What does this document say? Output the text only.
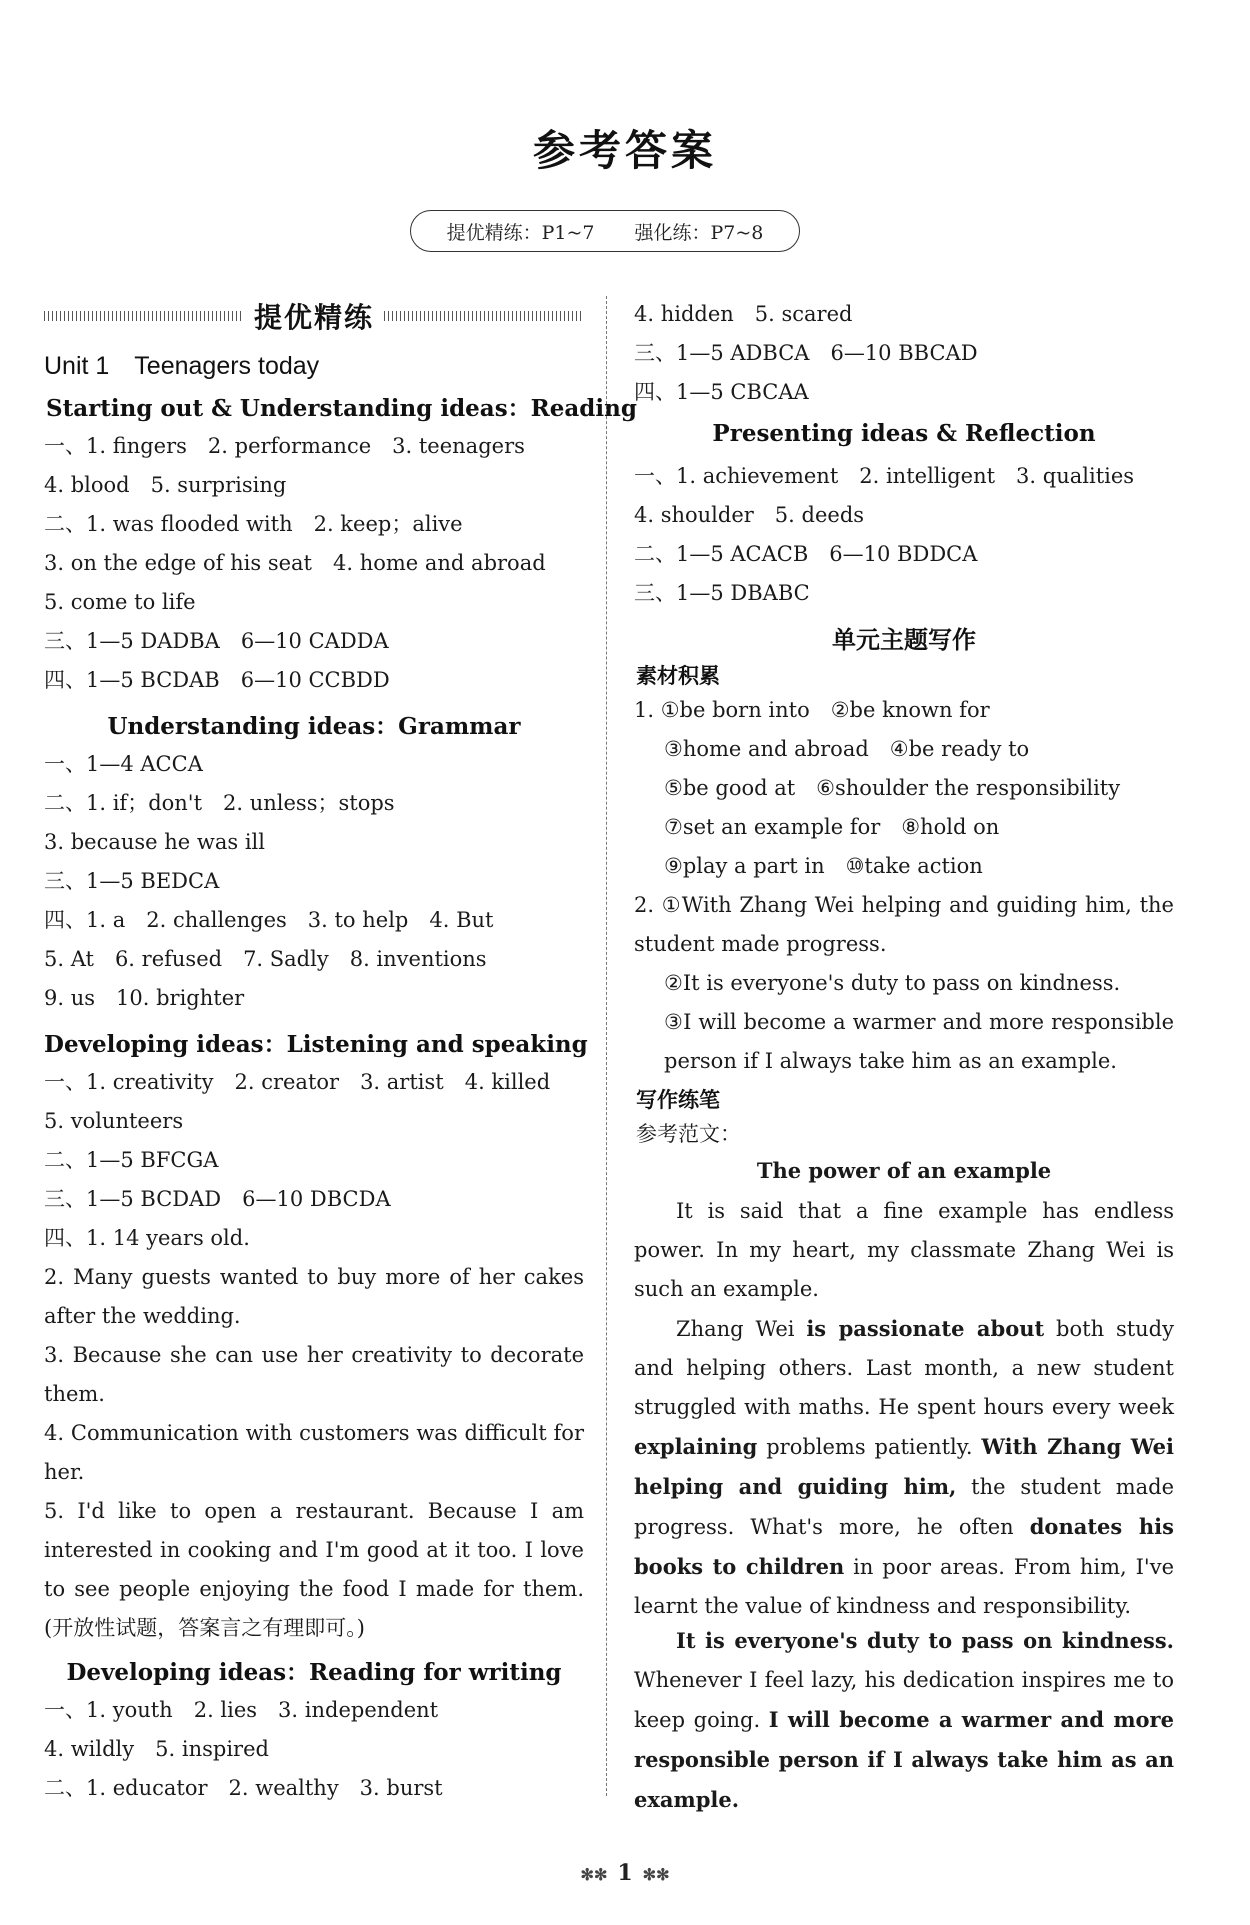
参考答案
提优精练：P1~7 强化练：P7~8
提优精练
Unit 1　Teenagers today
Starting out & Understanding ideas：Reading
一、1. fingers　2. performance　3. teenagers
4. blood　5. surprising
二、1. was flooded with　2. keep；alive
3. on the edge of his seat　4. home and abroad
5. come to life
三、1—5 DADBA　6—10 CADDA
四、1—5 BCDAB　6—10 CCBDD
Understanding ideas：Grammar
一、1—4 ACCA
二、1. if；don't　2. unless；stops
3. because he was ill
三、1—5 BEDCA
四、1. a　2. challenges　3. to help　4. But
5. At　6. refused　7. Sadly　8. inventions
9. us　10. brighter
Developing ideas：Listening and speaking
一、1. creativity　2. creator　3. artist　4. killed
5. volunteers
二、1—5 BFCGA
三、1—5 BCDAD　6—10 DBCDA
四、1. 14 years old.
2. Many guests wanted to buy more of her cakes after the wedding.
3. Because she can use her creativity to decorate them.
4. Communication with customers was difficult for her.
5. I'd like to open a restaurant. Because I am interested in cooking and I'm good at it too. I love to see people enjoying the food I made for them.(开放性试题，答案言之有理即可。)
Developing ideas：Reading for writing
一、1. youth　2. lies　3. independent
4. wildly　5. inspired
二、1. educator　2. wealthy　3. burst
4. hidden　5. scared
三、1—5 ADBCA　6—10 BBCAD
四、1—5 CBCAA
Presenting ideas & Reflection
一、1. achievement　2. intelligent　3. qualities
4. shoulder　5. deeds
二、1—5 ACACB　6—10 BDDCA
三、1—5 DBABC
单元主题写作
素材积累
1. ①be born into　②be known for
③home and abroad　④be ready to
⑤be good at　⑥shoulder the responsibility
⑦set an example for　⑧hold on
⑨play a part in　⑩take action
2. ①With Zhang Wei helping and guiding him, the student made progress.
②It is everyone's duty to pass on kindness.
③I will become a warmer and more responsible person if I always take him as an example.
写作练笔
参考范文：
The power of an example
It is said that a fine example has endless power. In my heart, my classmate Zhang Wei is such an example.
Zhang Wei is passionate about both study and helping others. Last month, a new student struggled with maths. He spent hours every week explaining problems patiently. With Zhang Wei helping and guiding him, the student made progress. What's more, he often donates his books to children in poor areas. From him, I've learnt the value of kindness and responsibility.
It is everyone's duty to pass on kindness. Whenever I feel lazy, his dedication inspires me to keep going. I will become a warmer and more responsible person if I always take him as an example.
✻✻ 1 ✻✻
